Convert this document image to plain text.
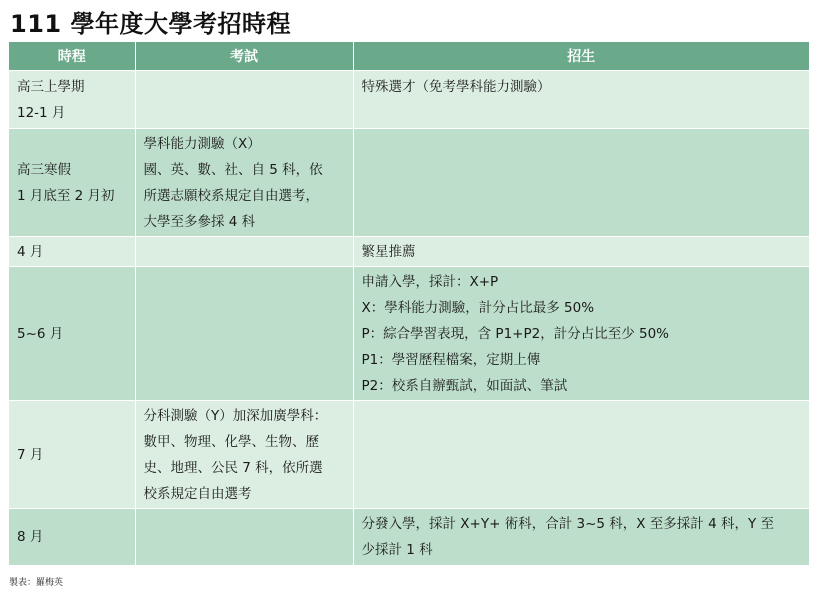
111 學年度大學考招時程
時程	考試	招生

高三上學期
12-1 月		特殊選才（免考學科能力測驗）

高三寒假
1 月底至 2 月初	學科能力測驗（X）
國、英、數、社、自 5 科，依
所選志願校系規定自由選考，
大學至多參採 4 科	

4 月		繁星推薦

5~6 月		申請入學，採計：X+P
X：學科能力測驗，計分占比最多 50%
P：綜合學習表現，含 P1+P2，計分占比至少 50%
P1：學習歷程檔案，定期上傳
P2：校系自辦甄試，如面試、筆試

7 月	分科測驗（Y）加深加廣學科：
數甲、物理、化學、生物、歷
史、地理、公民 7 科，依所選
校系規定自由選考	

8 月		分發入學，採計 X+Y+ 術科，合計 3~5 科，X 至多採計 4 科，Y 至
少採計 1 科
製表：羅梅英
